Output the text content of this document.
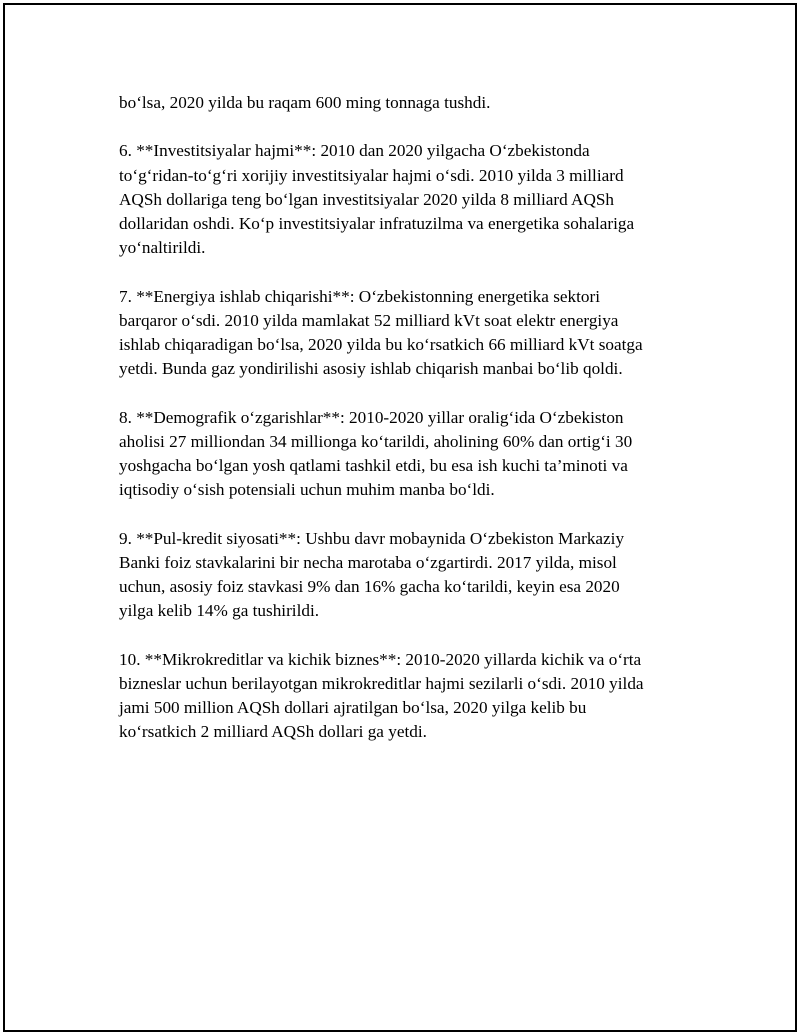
bo‘lsa, 2020 yilda bu raqam 600 ming tonnaga tushdi.

6. **Investitsiyalar hajmi**: 2010 dan 2020 yilgacha O‘zbekistonda
to‘g‘ridan-to‘g‘ri xorijiy investitsiyalar hajmi o‘sdi. 2010 yilda 3 milliard
AQSh dollariga teng bo‘lgan investitsiyalar 2020 yilda 8 milliard AQSh
dollaridan oshdi. Ko‘p investitsiyalar infratuzilma va energetika sohalariga
yo‘naltirildi.

7. **Energiya ishlab chiqarishi**: O‘zbekistonning energetika sektori
barqaror o‘sdi. 2010 yilda mamlakat 52 milliard kVt soat elektr energiya
ishlab chiqaradigan bo‘lsa, 2020 yilda bu ko‘rsatkich 66 milliard kVt soatga
yetdi. Bunda gaz yondirilishi asosiy ishlab chiqarish manbai bo‘lib qoldi.

8. **Demografik o‘zgarishlar**: 2010-2020 yillar oralig‘ida O‘zbekiston
aholisi 27 milliondan 34 millionga ko‘tarildi, aholining 60% dan ortig‘i 30
yoshgacha bo‘lgan yosh qatlami tashkil etdi, bu esa ish kuchi ta’minoti va
iqtisodiy o‘sish potensiali uchun muhim manba bo‘ldi.

9. **Pul-kredit siyosati**: Ushbu davr mobaynida O‘zbekiston Markaziy
Banki foiz stavkalarini bir necha marotaba o‘zgartirdi. 2017 yilda, misol
uchun, asosiy foiz stavkasi 9% dan 16% gacha ko‘tarildi, keyin esa 2020
yilga kelib 14% ga tushirildi.

10. **Mikrokreditlar va kichik biznes**: 2010-2020 yillarda kichik va o‘rta
bizneslar uchun berilayotgan mikrokreditlar hajmi sezilarli o‘sdi. 2010 yilda
jami 500 million AQSh dollari ajratilgan bo‘lsa, 2020 yilga kelib bu
ko‘rsatkich 2 milliard AQSh dollari ga yetdi.
